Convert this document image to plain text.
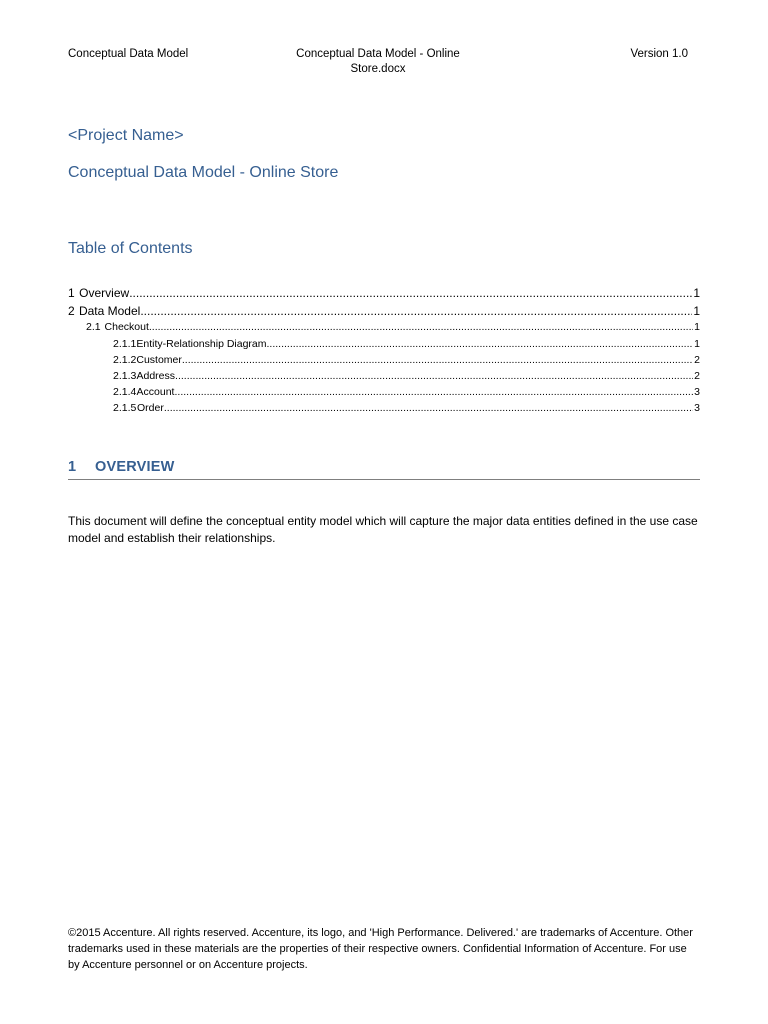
Conceptual Data Model	Conceptual Data Model - Online Store.docx
Version 1.0
<Project Name>
Conceptual Data Model - Online Store
Table of Contents
1 Overview .....	1
2 Data Model .....	1
2.1 Checkout .....	1
2.1.1 Entity-Relationship Diagram .....	1
2.1.2 Customer .....	2
2.1.3 Address .....	2
2.1.4 Account .....	3
2.1.5 Order .....	3
1 OVERVIEW
This document will define the conceptual entity model which will capture the major data entities defined in the use case model and establish their relationships.
©2015 Accenture. All rights reserved. Accenture, its logo, and 'High Performance. Delivered.' are trademarks of Accenture. Other trademarks used in these materials are the properties of their respective owners. Confidential Information of Accenture. For use by Accenture personnel or on Accenture projects.
